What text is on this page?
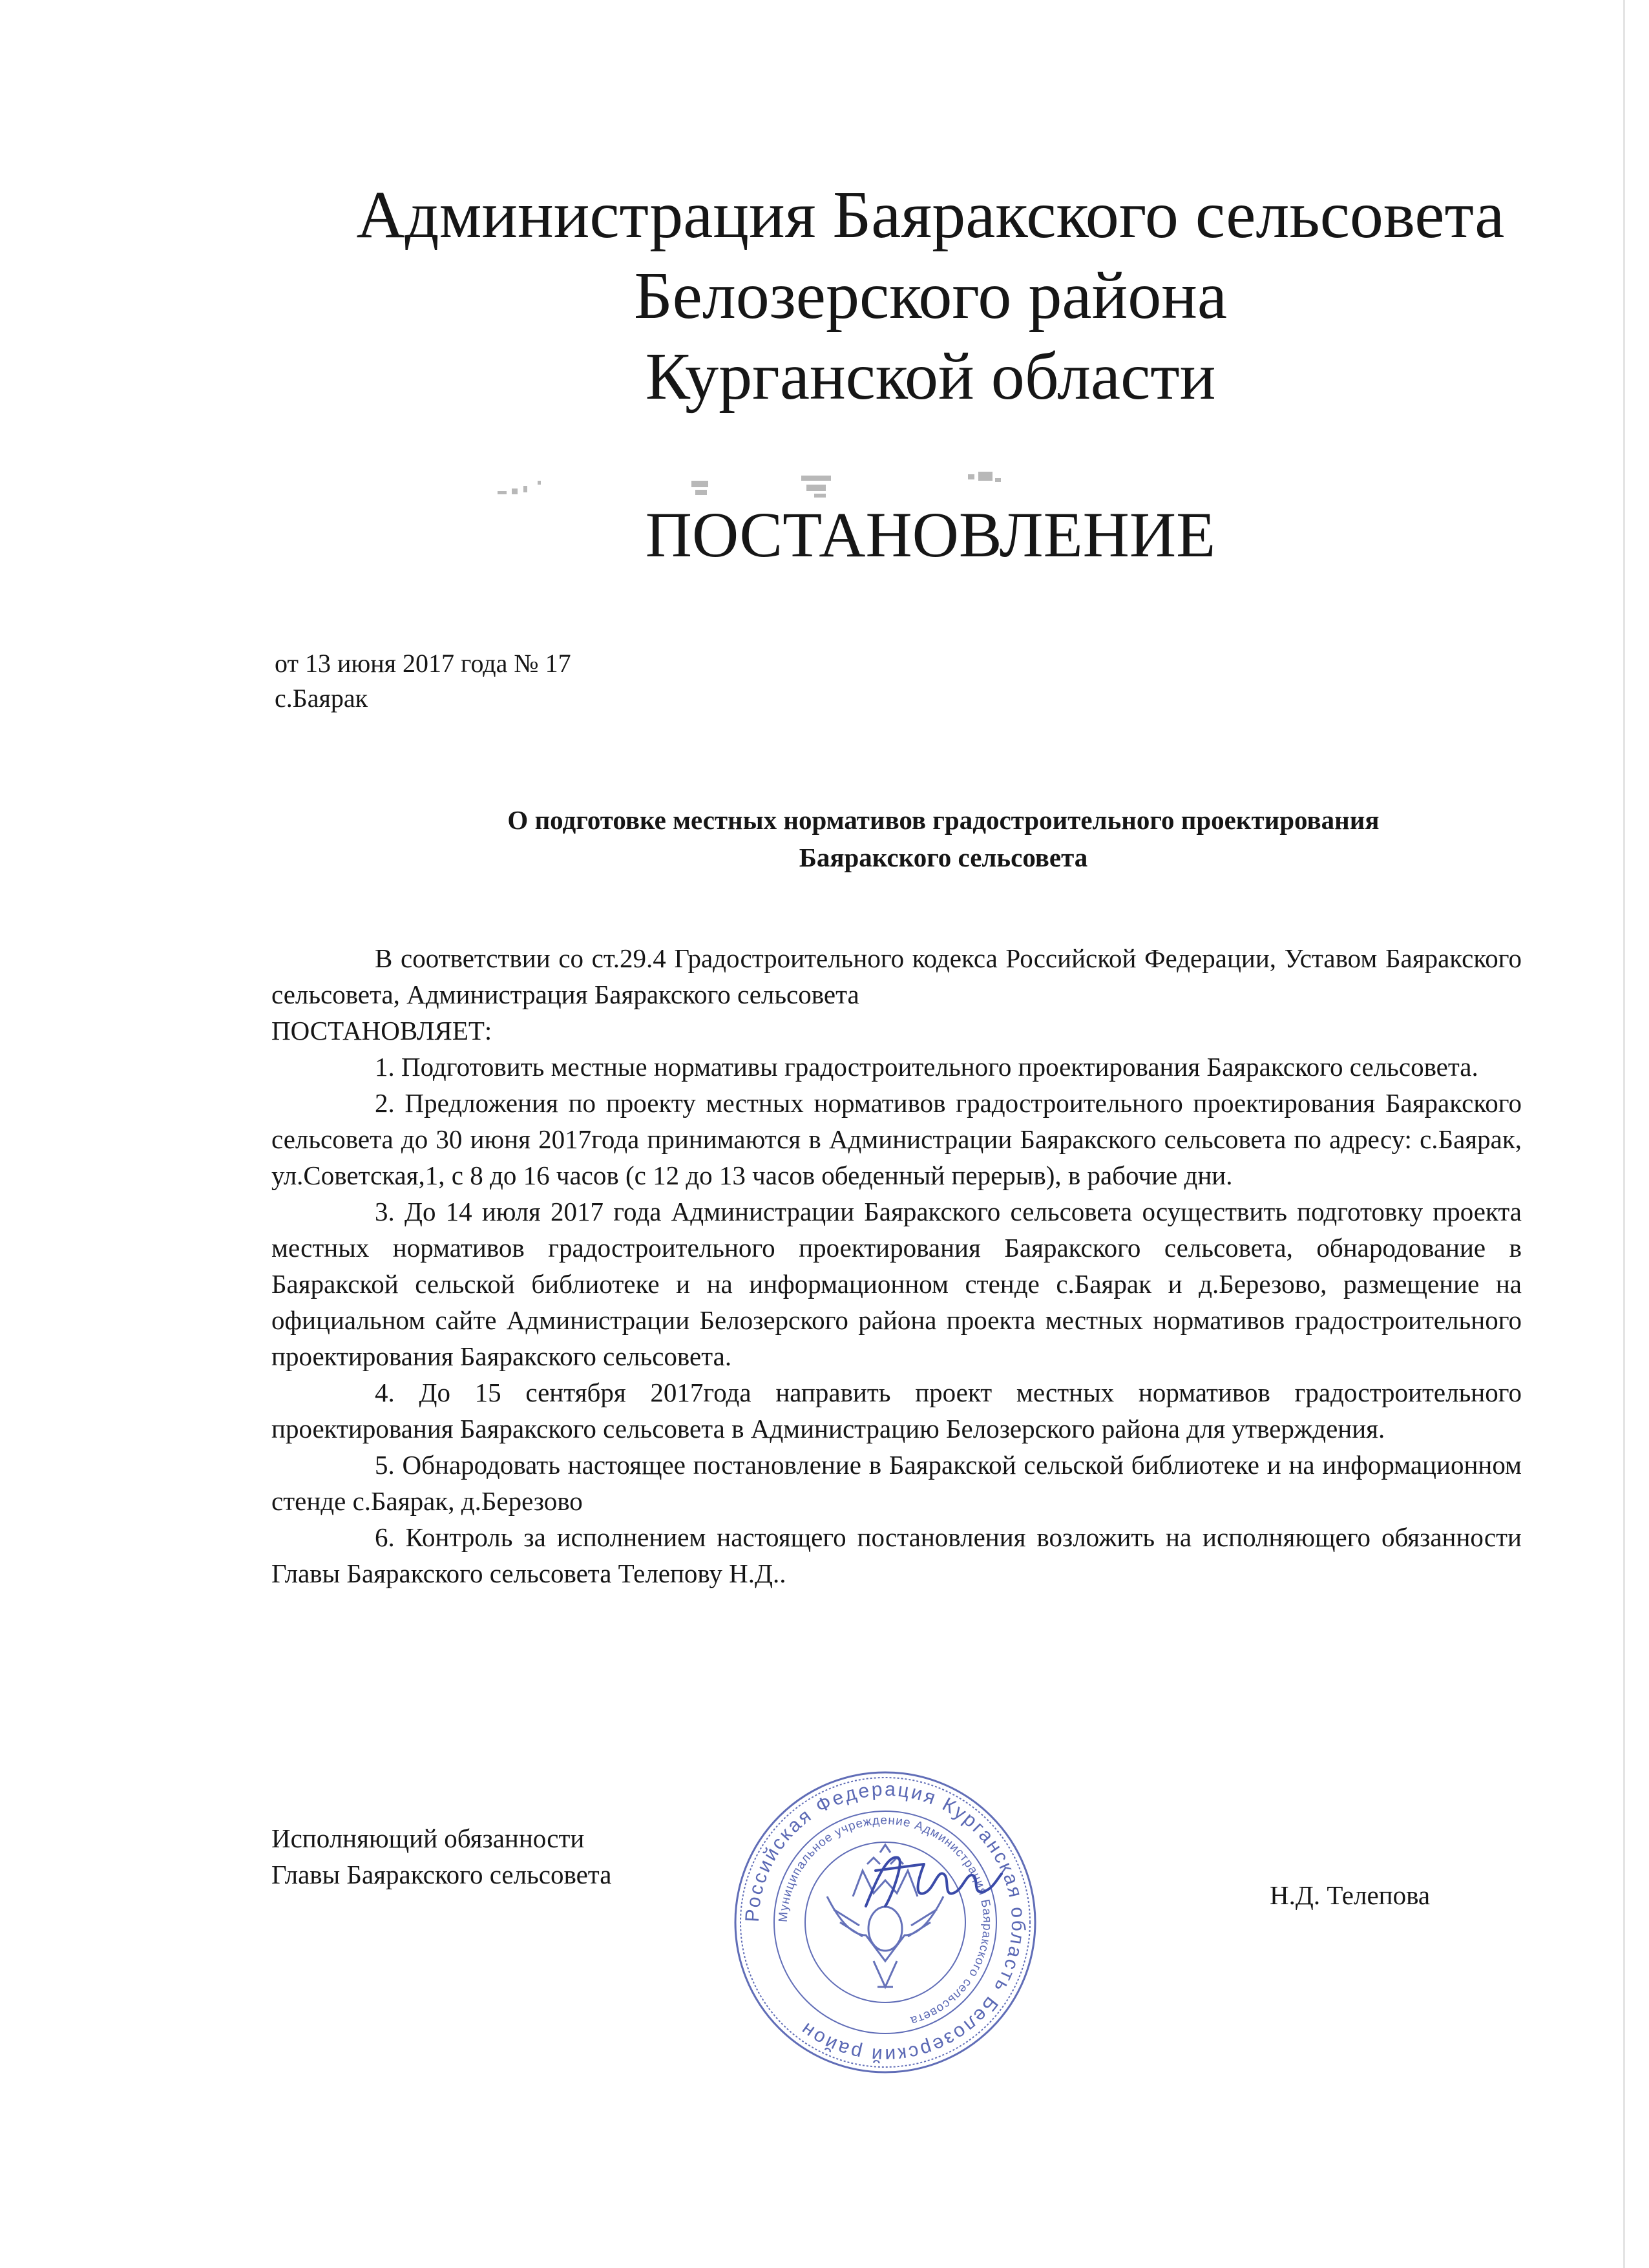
Администрация Баяракского сельсовета
Белозерского района
Курганской области
ПОСТАНОВЛЕНИЕ
от 13 июня 2017 года № 17
с.Баярак
О подготовке местных нормативов градостроительного проектирования
Баяракского сельсовета

В соответствии со ст.29.4 Градостроительного кодекса Российской Федерации, Уставом Баяракского сельсовета, Администрация Баяракского сельсовета

ПОСТАНОВЛЯЕТ:

1. Подготовить местные нормативы градостроительного проектирования Баяракского сельсовета.

2. Предложения по проекту местных нормативов градостроительного проектирования Баяракского сельсовета до 30 июня 2017года принимаются в Администрации Баяракского сельсовета по адресу: с.Баярак, ул.Советская,1, с 8 до 16 часов (с 12 до 13 часов обеденный перерыв), в рабочие дни.

3. До 14 июля 2017 года Администрации Баяракского сельсовета осуществить подготовку проекта местных нормативов градостроительного проектирования Баяракского сельсовета, обнародование в Баяракской сельской библиотеке и на информационном стенде с.Баярак и д.Березово, размещение на официальном сайте Администрации Белозерского района проекта местных нормативов градостроительного проектирования Баяракского сельсовета.

4. До 15 сентября 2017года направить проект местных нормативов градостроительного проектирования Баяракского сельсовета в Администрацию Белозерского района для утверждения.

5. Обнародовать настоящее постановление в Баяракской сельской библиотеке и на информационном стенде с.Баярак, д.Березово

6. Контроль за исполнением настоящего постановления возложить на исполняющего обязанности Главы Баяракского сельсовета Телепову Н.Д..

Исполняющий обязанности
Главы Баяракского сельсовета
Н.Д. Телепова
Российская Федерация Курганская область Белозерский район
Муниципальное учреждение Администрация Баяракского сельсовета
